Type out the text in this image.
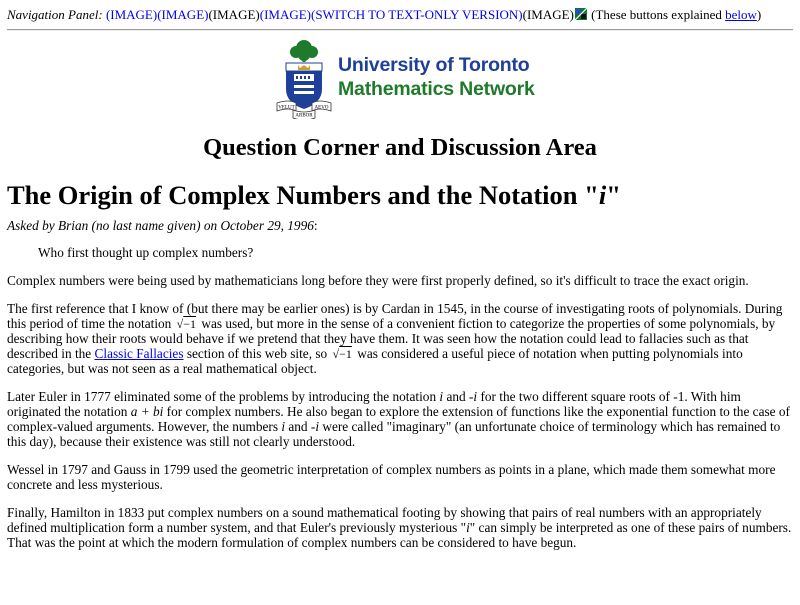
Navigation Panel: (IMAGE)(IMAGE)(IMAGE)(IMAGE)(SWITCH TO TEXT-ONLY VERSION)(IMAGE) (These buttons explained below)
VELUT	AEVO
ARBOR
University of Toronto
Mathematics Network
Question Corner and Discussion Area
The Origin of Complex Numbers and the Notation "i"
Asked by Brian (no last name given) on October 29, 1996:
Who first thought up complex numbers?

Complex numbers were being used by mathematicians long before they were first properly defined, so it's difficult to trace the exact origin.

The first reference that I know of (but there may be earlier ones) is by Cardan in 1545, in the course of investigating roots of polynomials. During this period of time the notation √−1 was used, but more in the sense of a convenient fiction to categorize the properties of some polynomials, by describing how their roots would behave if we pretend that they have them. It was seen how the notation could lead to fallacies such as that described in the Classic Fallacies section of this web site, so √−1 was considered a useful piece of notation when putting polynomials into categories, but was not seen as a real mathematical object.

Later Euler in 1777 eliminated some of the problems by introducing the notation i and -i for the two different square roots of -1. With him originated the notation a + bi for complex numbers. He also began to explore the extension of functions like the exponential function to the case of complex-valued arguments. However, the numbers i and -i were called "imaginary" (an unfortunate choice of terminology which has remained to this day), because their existence was still not clearly understood.

Wessel in 1797 and Gauss in 1799 used the geometric interpretation of complex numbers as points in a plane, which made them somewhat more concrete and less mysterious.

Finally, Hamilton in 1833 put complex numbers on a sound mathematical footing by showing that pairs of real numbers with an appropriately defined multiplication form a number system, and that Euler's previously mysterious "i" can simply be interpreted as one of these pairs of numbers. That was the point at which the modern formulation of complex numbers can be considered to have begun.
